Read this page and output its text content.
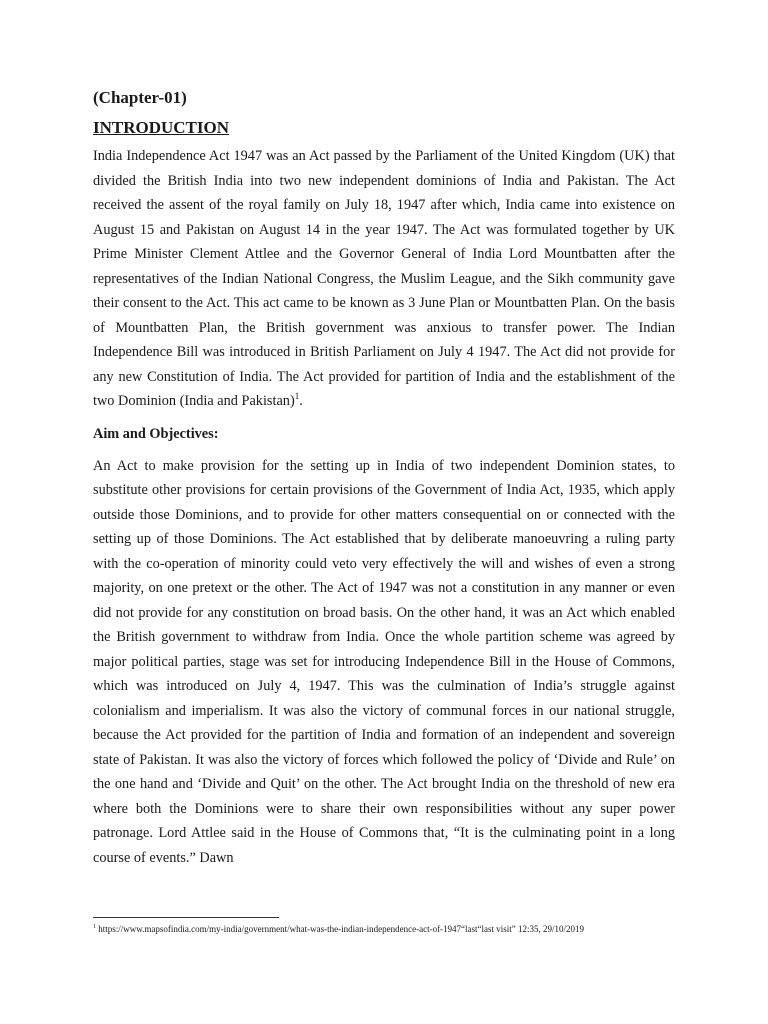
(Chapter-01)

INTRODUCTION

India Independence Act 1947 was an Act passed by the Parliament of the United Kingdom (UK) that divided the British India into two new independent dominions of India and Pakistan. The Act received the assent of the royal family on July 18, 1947 after which, India came into existence on August 15 and Pakistan on August 14 in the year 1947. The Act was formulated together by UK Prime Minister Clement Attlee and the Governor General of India Lord Mountbatten after the representatives of the Indian National Congress, the Muslim League, and the Sikh community gave their consent to the Act. This act came to be known as 3 June Plan or Mountbatten Plan. On the basis of Mountbatten Plan, the British government was anxious to transfer power. The Indian Independence Bill was introduced in British Parliament on July 4 1947. The Act did not provide for any new Constitution of India. The Act provided for partition of India and the establishment of the two Dominion (India and Pakistan)$^1$.

Aim and Objectives:

An Act to make provision for the setting up in India of two independent Dominion states, to substitute other provisions for certain provisions of the Government of India Act, 1935, which apply outside those Dominions, and to provide for other matters consequential on or connected with the setting up of those Dominions. The Act established that by deliberate manoeuvring a ruling party with the co-operation of minority could veto very effectively the will and wishes of even a strong majority, on one pretext or the other. The Act of 1947 was not a constitution in any manner or even did not provide for any constitution on broad basis. On the other hand, it was an Act which enabled the British government to withdraw from India. Once the whole partition scheme was agreed by major political parties, stage was set for introducing Independence Bill in the House of Commons, which was introduced on July 4, 1947. This was the culmination of India’s struggle against colonialism and imperialism. It was also the victory of communal forces in our national struggle, because the Act provided for the partition of India and formation of an independent and sovereign state of Pakistan. It was also the victory of forces which followed the policy of ‘Divide and Rule’ on the one hand and ‘Divide and Quit’ on the other. The Act brought India on the threshold of new era where both the Dominions were to share their own responsibilities without any super power patronage. Lord Attlee said in the House of Commons that, “It is the culminating point in a long course of events.” Dawn

$^1$ https://www.mapsofindia.com/my-india/government/what-was-the-indian-independence-act-of-1947“last“last visit” 12:35, 29/10/2019
